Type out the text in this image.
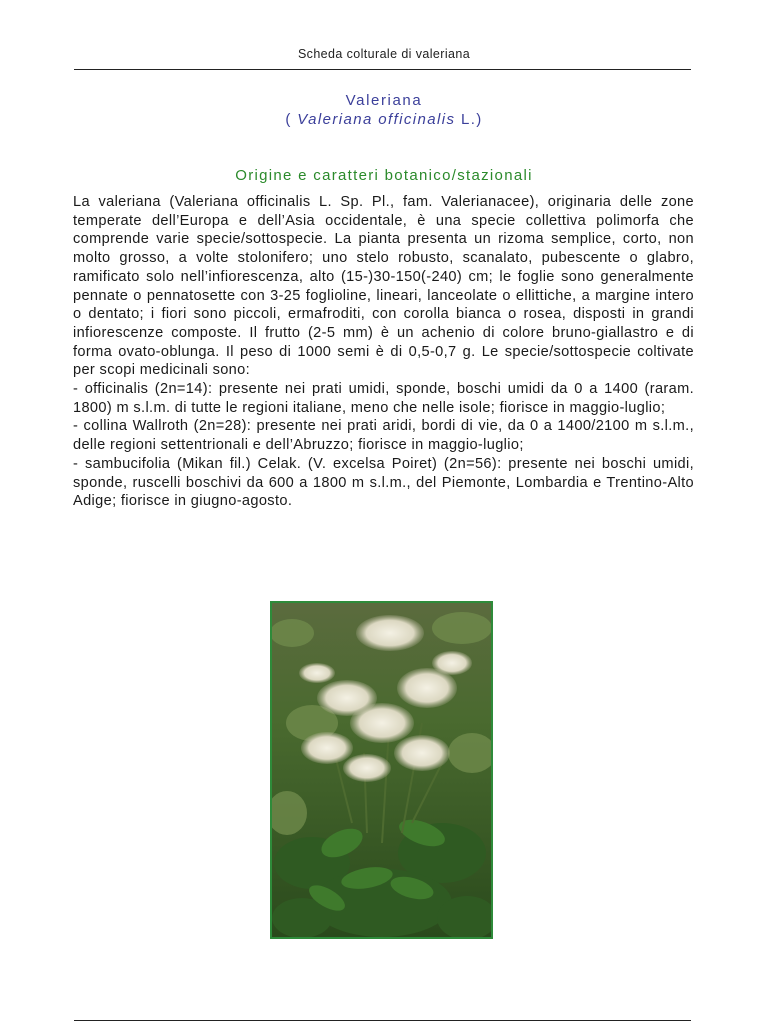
Scheda colturale di valeriana
Valeriana
( Valeriana officinalis L.)
Origine e caratteri botanico/stazionali

La valeriana (Valeriana officinalis L. Sp. Pl., fam. Valerianacee), originaria delle zone temperate dell’Europa e dell’Asia occidentale, è una specie collettiva polimorfa che comprende varie specie/sottospecie. La pianta presenta un rizoma semplice, corto, non molto grosso, a volte stolonifero; uno stelo robusto, scanalato, pubescente o glabro, ramificato solo nell’infiorescenza, alto (15-)30-150(-240) cm; le foglie sono generalmente pennate o pennatosette con 3-25 foglioline, lineari, lanceolate o ellittiche, a margine intero o dentato; i fiori sono piccoli, ermafroditi, con corolla bianca o rosea, disposti in grandi infiorescenze composte. Il frutto (2-5 mm) è un achenio di colore bruno-giallastro e di forma ovato-oblunga. Il peso di 1000 semi è di 0,5-0,7 g. Le specie/sottospecie coltivate per scopi medicinali sono:

- officinalis (2n=14): presente nei prati umidi, sponde, boschi umidi da 0 a 1400 (raram. 1800) m s.l.m. di tutte le regioni italiane, meno che nelle isole; fiorisce in maggio-luglio;

- collina Wallroth (2n=28): presente nei prati aridi, bordi di vie, da 0 a 1400/2100 m s.l.m., delle regioni settentrionali e dell’Abruzzo; fiorisce in maggio-luglio;

- sambucifolia (Mikan fil.) Celak. (V. excelsa Poiret) (2n=56): presente nei boschi umidi, sponde, ruscelli boschivi da 600 a 1800 m s.l.m., del Piemonte, Lombardia e Trentino-Alto Adige; fiorisce in giugno-agosto.
